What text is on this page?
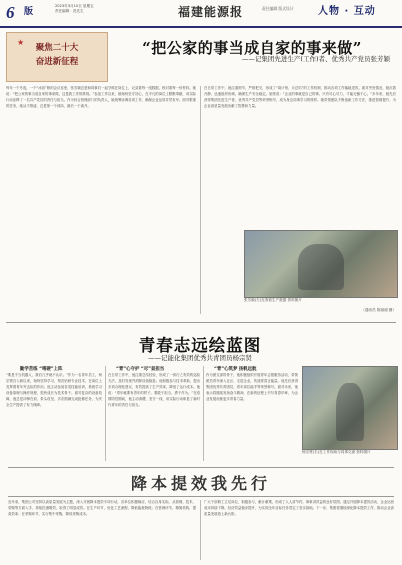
6 版
2023年3月10日 星期五
责任编辑：范先生	福建能源报	责任编辑 版式设计 人物 · 互动
★
聚焦二十大
奋进新征程
“把公家的事当成自家的事来做”
——记集团先进生产(工作)者、优秀共产党员张芳颖
每年一个冬夜，一个“冰窖”般的会议室里，张芳颖总是和同事们一起守候在岗位上，记录着每一组数据，核对着每一份材料。她说：“把公家的事当成自家的事来做，这是我工作的准则。”参加工作以来，她始终坚守初心，在平凡的岗位上默默奉献，用实际行动诠释了一名共产党员的责任与担当。作为综合管理部门的负责人，她统筹协调各项工作，确保企业运转井然有序。面对繁重的任务，她从不推诿，总是第一个到岗、最后一个离开。
在日常工作中，她注重细节，严格把关，形成了“周计划、月总结”的工作机制，推动各项工作落地见效。面对突发情况，她沉着冷静，迅速组织协调，确保生产安全稳定。她常说：“企业的事就是自己的事，只有尽心尽力，才能无愧于心。”多年来，她先后获得集团先进生产者、优秀共产党员等荣誉称号，成为身边同事学习的榜样。她带领团队不断创新工作方法，推进管理提升，为企业高质量发展贡献了智慧和力量。
张芳颖(左)在查看生产数据 资料图片
（通讯员 陈丽丽 摄）
青春志远绘蓝图
——记能化集团优秀共青团员杨宗贤
勤学苦练 “啃硬”上阵
“要是不当机器人，我们几乎就不认识。”作为一名青年员工，杨宗贤自入职以来，始终坚持学习，刻苦钻研专业技术，在岗位上发挥着青年突击队的作用。他主动参加各类技能培训，系统学习设备原理与操作规程，很快成长为技术骨干。面对复杂的设备故障，他总是冲锋在前，带头攻坚，多次圆满完成抢修任务，为安全生产提供了有力保障。
“青”心守护 “尽”显担当
在日常工作中，他注重总结经验，形成了一套行之有效的巡检方法，及时发现并消除设备隐患。他积极参与技术革新，提出多项合理化建议，有效提高了生产效率，降低了运行成本。他说：“青年就要有青年的样子，要敢于担当、勇于作为。”在疫情防控期间，他主动请缨，坚守一线，用实际行动彰显了新时代青年的责任与担当。
“青”心筑梦 扬帆远航
作为团支部的骨干，他积极组织开展青年志愿服务活动，带领团员青年深入社区、走进企业，传递青春正能量。他先后获得集团优秀共青团员、青年岗位能手等荣誉称号。面对未来，他表示将继续发扬奋斗精神，在新的征程上书写青春华章，为企业发展贡献更多青春力量。
杨宗贤(右)在工作现场与同事交流 资料图片
降本提效我先行
近年来，集团公司坚持以高质量发展为主题，深入开展降本提效专项行动，各单位积极响应，结合自身实际，从管理、技术、采购等方面入手，持续挖潜增效，取得了明显成效。在生产环节，优化工艺流程，降低能耗物耗；在管理环节，精简机构，提高效率；在采购环节，实行集中采购，降低采购成本。
广大干部职工立足岗位，积极参与，献计献策，形成了人人讲节约、事事讲效益的良好氛围。通过开展降本提效活动，企业运营成本持续下降，经济效益稳步提升，为实现全年目标任务奠定了坚实基础。下一步，集团将继续深化降本提效工作，推动企业高质量发展再上新台阶。
